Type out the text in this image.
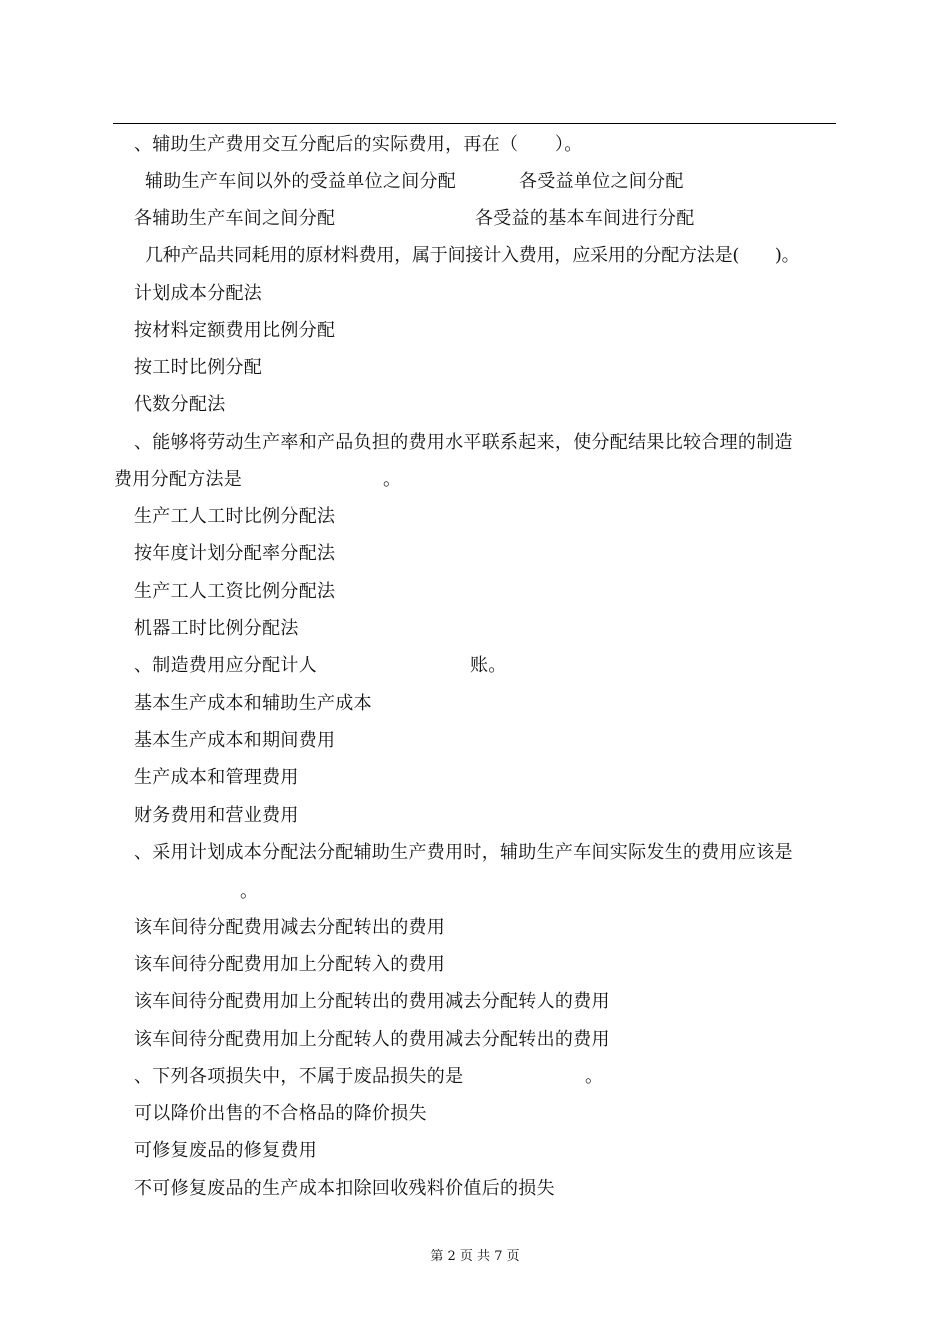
、辅助生产费用交互分配后的实际费用，再在（　　）。
辅助生产车间以外的受益单位之间分配	各受益单位之间分配
各辅助生产车间之间分配	各受益的基本车间进行分配
几种产品共同耗用的原材料费用，属于间接计入费用，应采用的分配方法是(　　)。
计划成本分配法
按材料定额费用比例分配
按工时比例分配
代数分配法
、能够将劳动生产率和产品负担的费用水平联系起来，使分配结果比较合理的制造
费用分配方法是	。
生产工人工时比例分配法
按年度计划分配率分配法
生产工人工资比例分配法
机器工时比例分配法
、制造费用应分配计人	账。
基本生产成本和辅助生产成本
基本生产成本和期间费用
生产成本和管理费用
财务费用和营业费用
、采用计划成本分配法分配辅助生产费用时，辅助生产车间实际发生的费用应该是
。
该车间待分配费用减去分配转出的费用
该车间待分配费用加上分配转入的费用
该车间待分配费用加上分配转出的费用减去分配转人的费用
该车间待分配费用加上分配转人的费用减去分配转出的费用
、下列各项损失中，不属于废品损失的是	。
可以降价出售的不合格品的降价损失
可修复废品的修复费用
不可修复废品的生产成本扣除回收残料价值后的损失
第 2 页 共 7 页
